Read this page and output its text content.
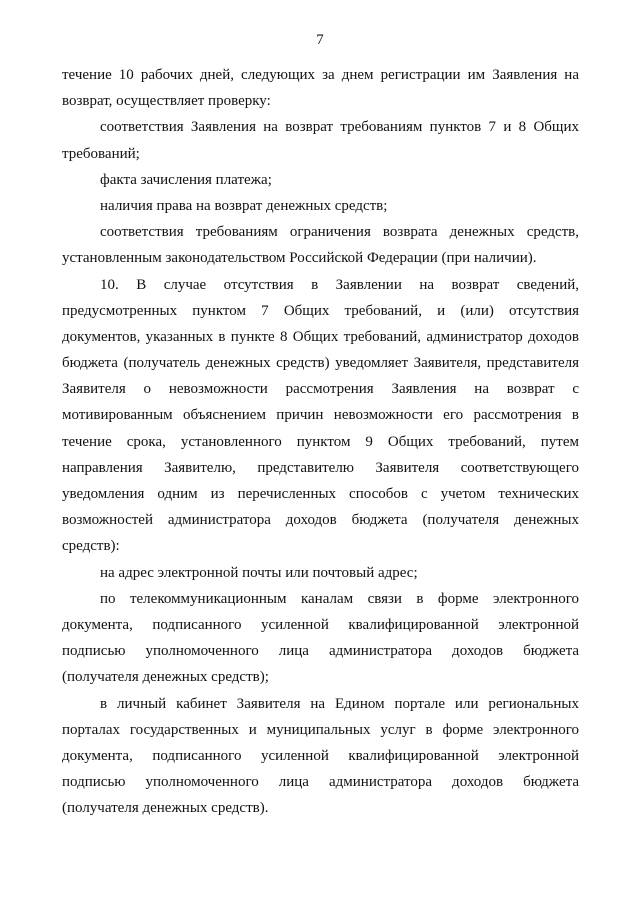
7
течение 10 рабочих дней, следующих за днем регистрации им Заявления на
возврат, осуществляет проверку:
соответствия Заявления на возврат требованиям пунктов 7 и 8 Общих
требований;
факта зачисления платежа;
наличия права на возврат денежных средств;
соответствия требованиям ограничения возврата денежных средств,
установленным законодательством Российской Федерации (при наличии).
10. В случае отсутствия в Заявлении на возврат сведений,
предусмотренных пунктом 7 Общих требований, и (или) отсутствия
документов, указанных в пункте 8 Общих требований, администратор доходов
бюджета (получатель денежных средств) уведомляет Заявителя, представителя
Заявителя о невозможности рассмотрения Заявления на возврат с
мотивированным объяснением причин невозможности его рассмотрения в
течение срока, установленного пунктом 9 Общих требований, путем
направления Заявителю, представителю Заявителя соответствующего
уведомления одним из перечисленных способов с учетом технических
возможностей администратора доходов бюджета (получателя денежных
средств):
на адрес электронной почты или почтовый адрес;
по телекоммуникационным каналам связи в форме электронного
документа, подписанного усиленной квалифицированной электронной
подписью уполномоченного лица администратора доходов бюджета
(получателя денежных средств);
в личный кабинет Заявителя на Едином портале или региональных
порталах государственных и муниципальных услуг в форме электронного
документа, подписанного усиленной квалифицированной электронной
подписью уполномоченного лица администратора доходов бюджета
(получателя денежных средств).
